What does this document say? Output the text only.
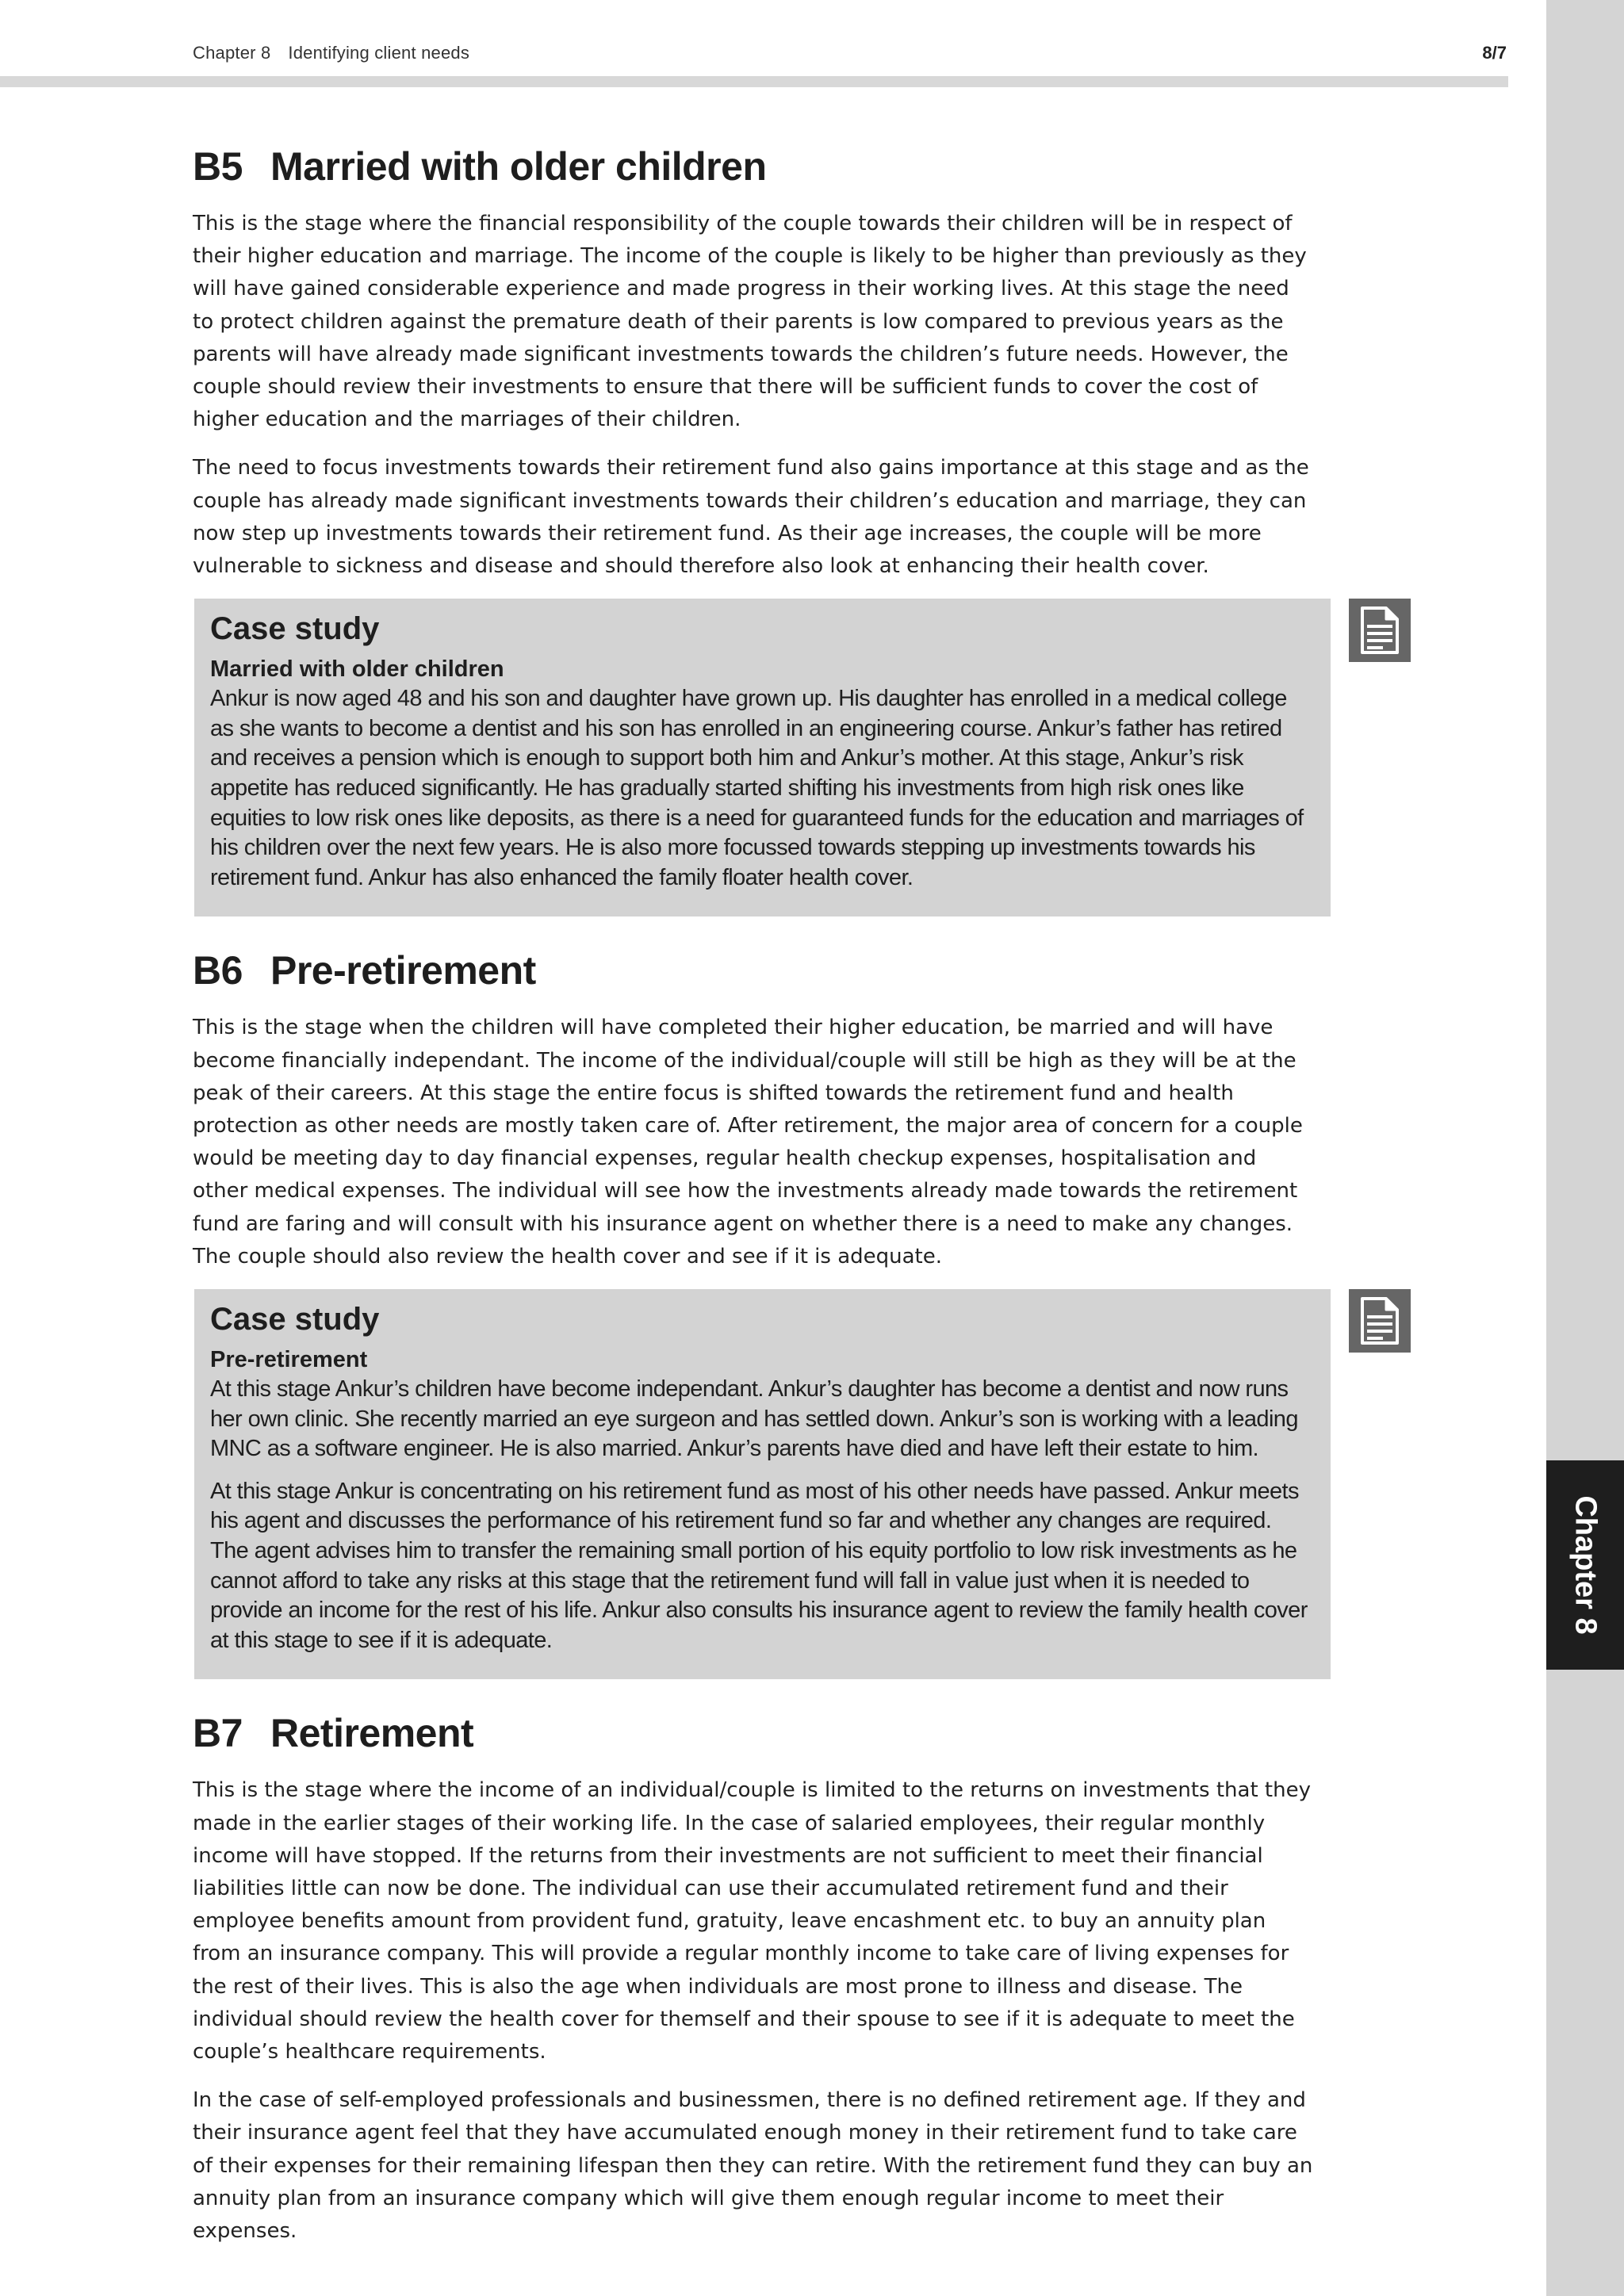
Chapter 8 Identifying client needs	8/7
Chapter 8
B5 Married with older children

This is the stage where the financial responsibility of the couple towards their children will be in respect of their higher education and marriage. The income of the couple is likely to be higher than previously as they will have gained considerable experience and made progress in their working lives. At this stage the need to protect children against the premature death of their parents is low compared to previous years as the parents will have already made significant investments towards the children’s future needs. However, the couple should review their investments to ensure that there will be sufficient funds to cover the cost of higher education and the marriages of their children.

The need to focus investments towards their retirement fund also gains importance at this stage and as the couple has already made significant investments towards their children’s education and marriage, they can now step up investments towards their retirement fund. As their age increases, the couple will be more vulnerable to sickness and disease and should therefore also look at enhancing their health cover.

Case study
Married with older children

Ankur is now aged 48 and his son and daughter have grown up. His daughter has enrolled in a medical college as she wants to become a dentist and his son has enrolled in an engineering course. Ankur’s father has retired and receives a pension which is enough to support both him and Ankur’s mother. At this stage, Ankur’s risk appetite has reduced significantly. He has gradually started shifting his investments from high risk ones like equities to low risk ones like deposits, as there is a need for guaranteed funds for the education and marriages of his children over the next few years. He is also more focussed towards stepping up investments towards his retirement fund. Ankur has also enhanced the family floater health cover.

B6 Pre-retirement

This is the stage when the children will have completed their higher education, be married and will have become financially independant. The income of the individual/couple will still be high as they will be at the peak of their careers. At this stage the entire focus is shifted towards the retirement fund and health protection as other needs are mostly taken care of. After retirement, the major area of concern for a couple would be meeting day to day financial expenses, regular health checkup expenses, hospitalisation and other medical expenses. The individual will see how the investments already made towards the retirement fund are faring and will consult with his insurance agent on whether there is a need to make any changes. The couple should also review the health cover and see if it is adequate.

Case study
Pre-retirement

At this stage Ankur’s children have become independant. Ankur’s daughter has become a dentist and now runs her own clinic. She recently married an eye surgeon and has settled down. Ankur’s son is working with a leading MNC as a software engineer. He is also married. Ankur’s parents have died and have left their estate to him.

At this stage Ankur is concentrating on his retirement fund as most of his other needs have passed. Ankur meets his agent and discusses the performance of his retirement fund so far and whether any changes are required. The agent advises him to transfer the remaining small portion of his equity portfolio to low risk investments as he cannot afford to take any risks at this stage that the retirement fund will fall in value just when it is needed to provide an income for the rest of his life. Ankur also consults his insurance agent to review the family health cover at this stage to see if it is adequate.

B7 Retirement

This is the stage where the income of an individual/couple is limited to the returns on investments that they made in the earlier stages of their working life. In the case of salaried employees, their regular monthly income will have stopped. If the returns from their investments are not sufficient to meet their financial liabilities little can now be done. The individual can use their accumulated retirement fund and their employee benefits amount from provident fund, gratuity, leave encashment etc. to buy an annuity plan from an insurance company. This will provide a regular monthly income to take care of living expenses for the rest of their lives. This is also the age when individuals are most prone to illness and disease. The individual should review the health cover for themself and their spouse to see if it is adequate to meet the couple’s healthcare requirements.

In the case of self-employed professionals and businessmen, there is no defined retirement age. If they and their insurance agent feel that they have accumulated enough money in their retirement fund to take care of their expenses for their remaining lifespan then they can retire. With the retirement fund they can buy an annuity plan from an insurance company which will give them enough regular income to meet their expenses.
